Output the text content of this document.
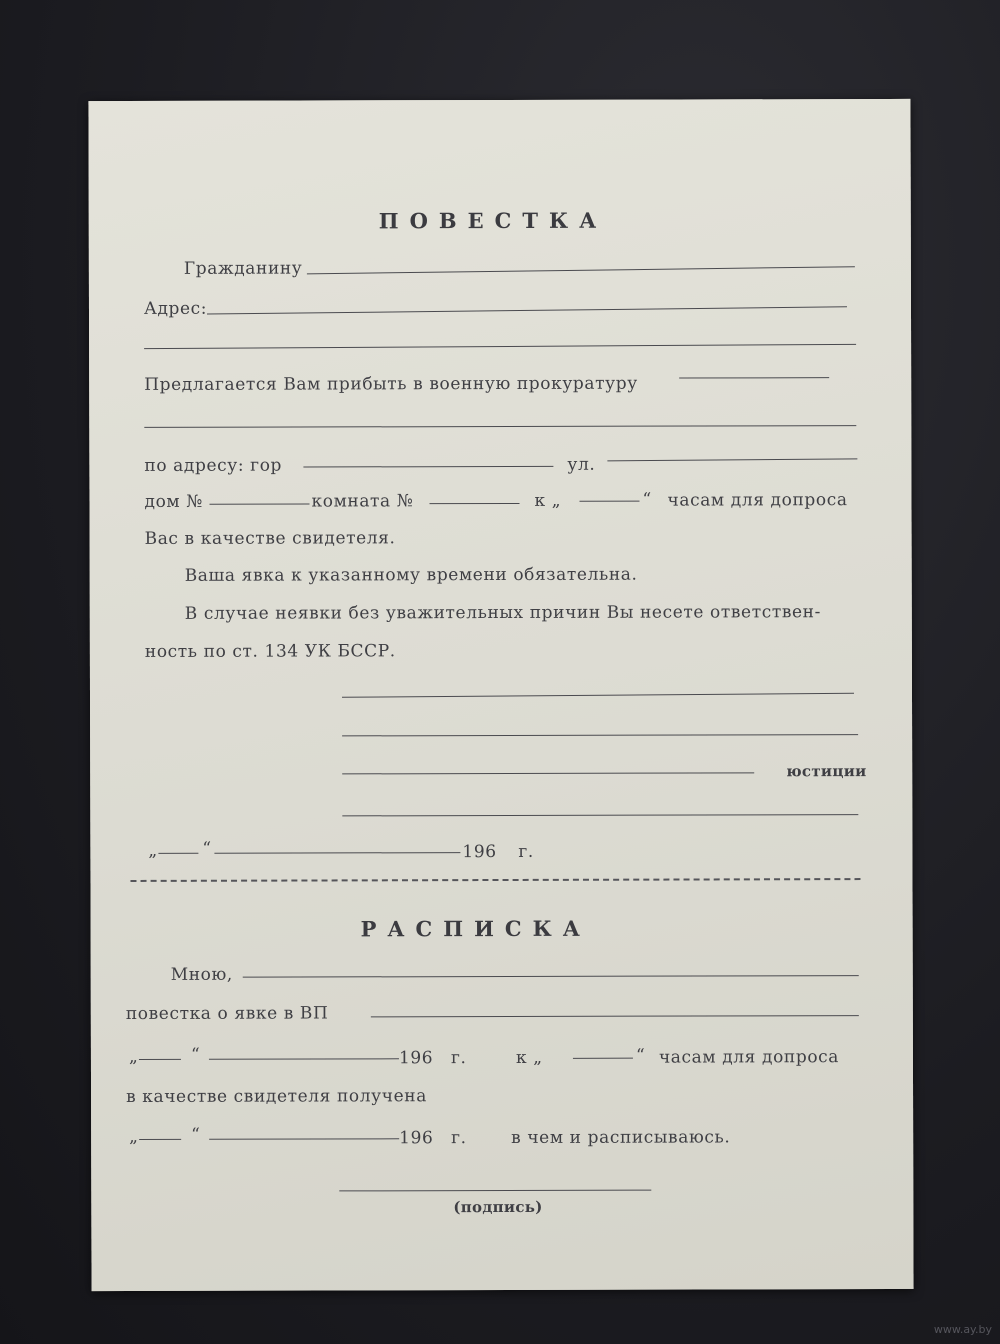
ПОВЕСТКА
Гражданину
Адрес:
Предлагается Вам прибыть в военную прокуратуру
по адресу: гор	ул.
дом №	комната №	к „	“ часам для допроса
Вас в качестве свидетеля.
Ваша явка к указанному времени обязательна.
В случае неявки без уважительных причин Вы несете ответствен-
ность по ст. 134 УК БССР.
юстиции
„	“	196 г.
РАСПИСКА
Мною,
повестка о явке в ВП
„	“	196 г.	к „	“ часам для допроса
в качестве свидетеля получена
„	“	196 г.	в чем и расписываюсь.
(подпись)
www.ay.by
